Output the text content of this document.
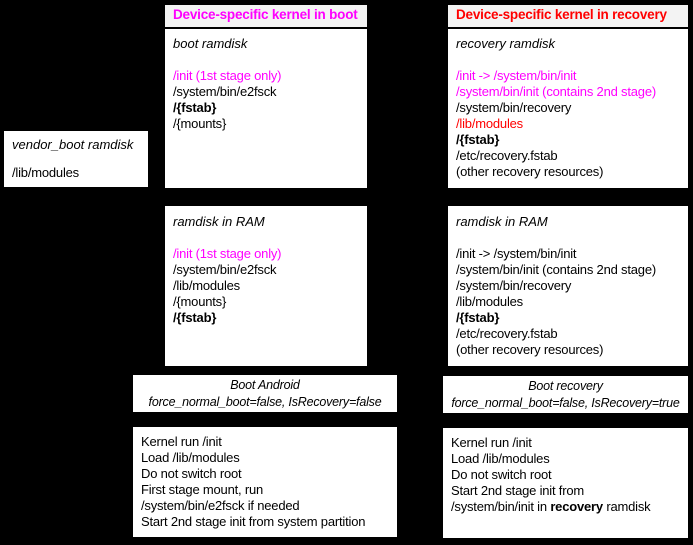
vendor_boot ramdisk
/lib/modules
Device-specific kernel in boot
boot ramdisk
/init (1st stage only)
/system/bin/e2fsck
/{fstab}
/{mounts}
Device-specific kernel in recovery
recovery ramdisk
/init -> /system/bin/init
/system/bin/init (contains 2nd stage)
/system/bin/recovery
/lib/modules
/{fstab}
/etc/recovery.fstab
(other recovery resources)
ramdisk in RAM
/init (1st stage only)
/system/bin/e2fsck
/lib/modules
/{mounts}
/{fstab}
ramdisk in RAM
/init -> /system/bin/init
/system/bin/init (contains 2nd stage)
/system/bin/recovery
/lib/modules
/{fstab}
/etc/recovery.fstab
(other recovery resources)
Boot Android
force_normal_boot=false, IsRecovery=false
Boot recovery
force_normal_boot=false, IsRecovery=true
Kernel run /init
Load /lib/modules
Do not switch root
First stage mount, run
/system/bin/e2fsck if needed
Start 2nd stage init from system partition
Kernel run /init
Load /lib/modules
Do not switch root
Start 2nd stage init from
/system/bin/init in recovery ramdisk
